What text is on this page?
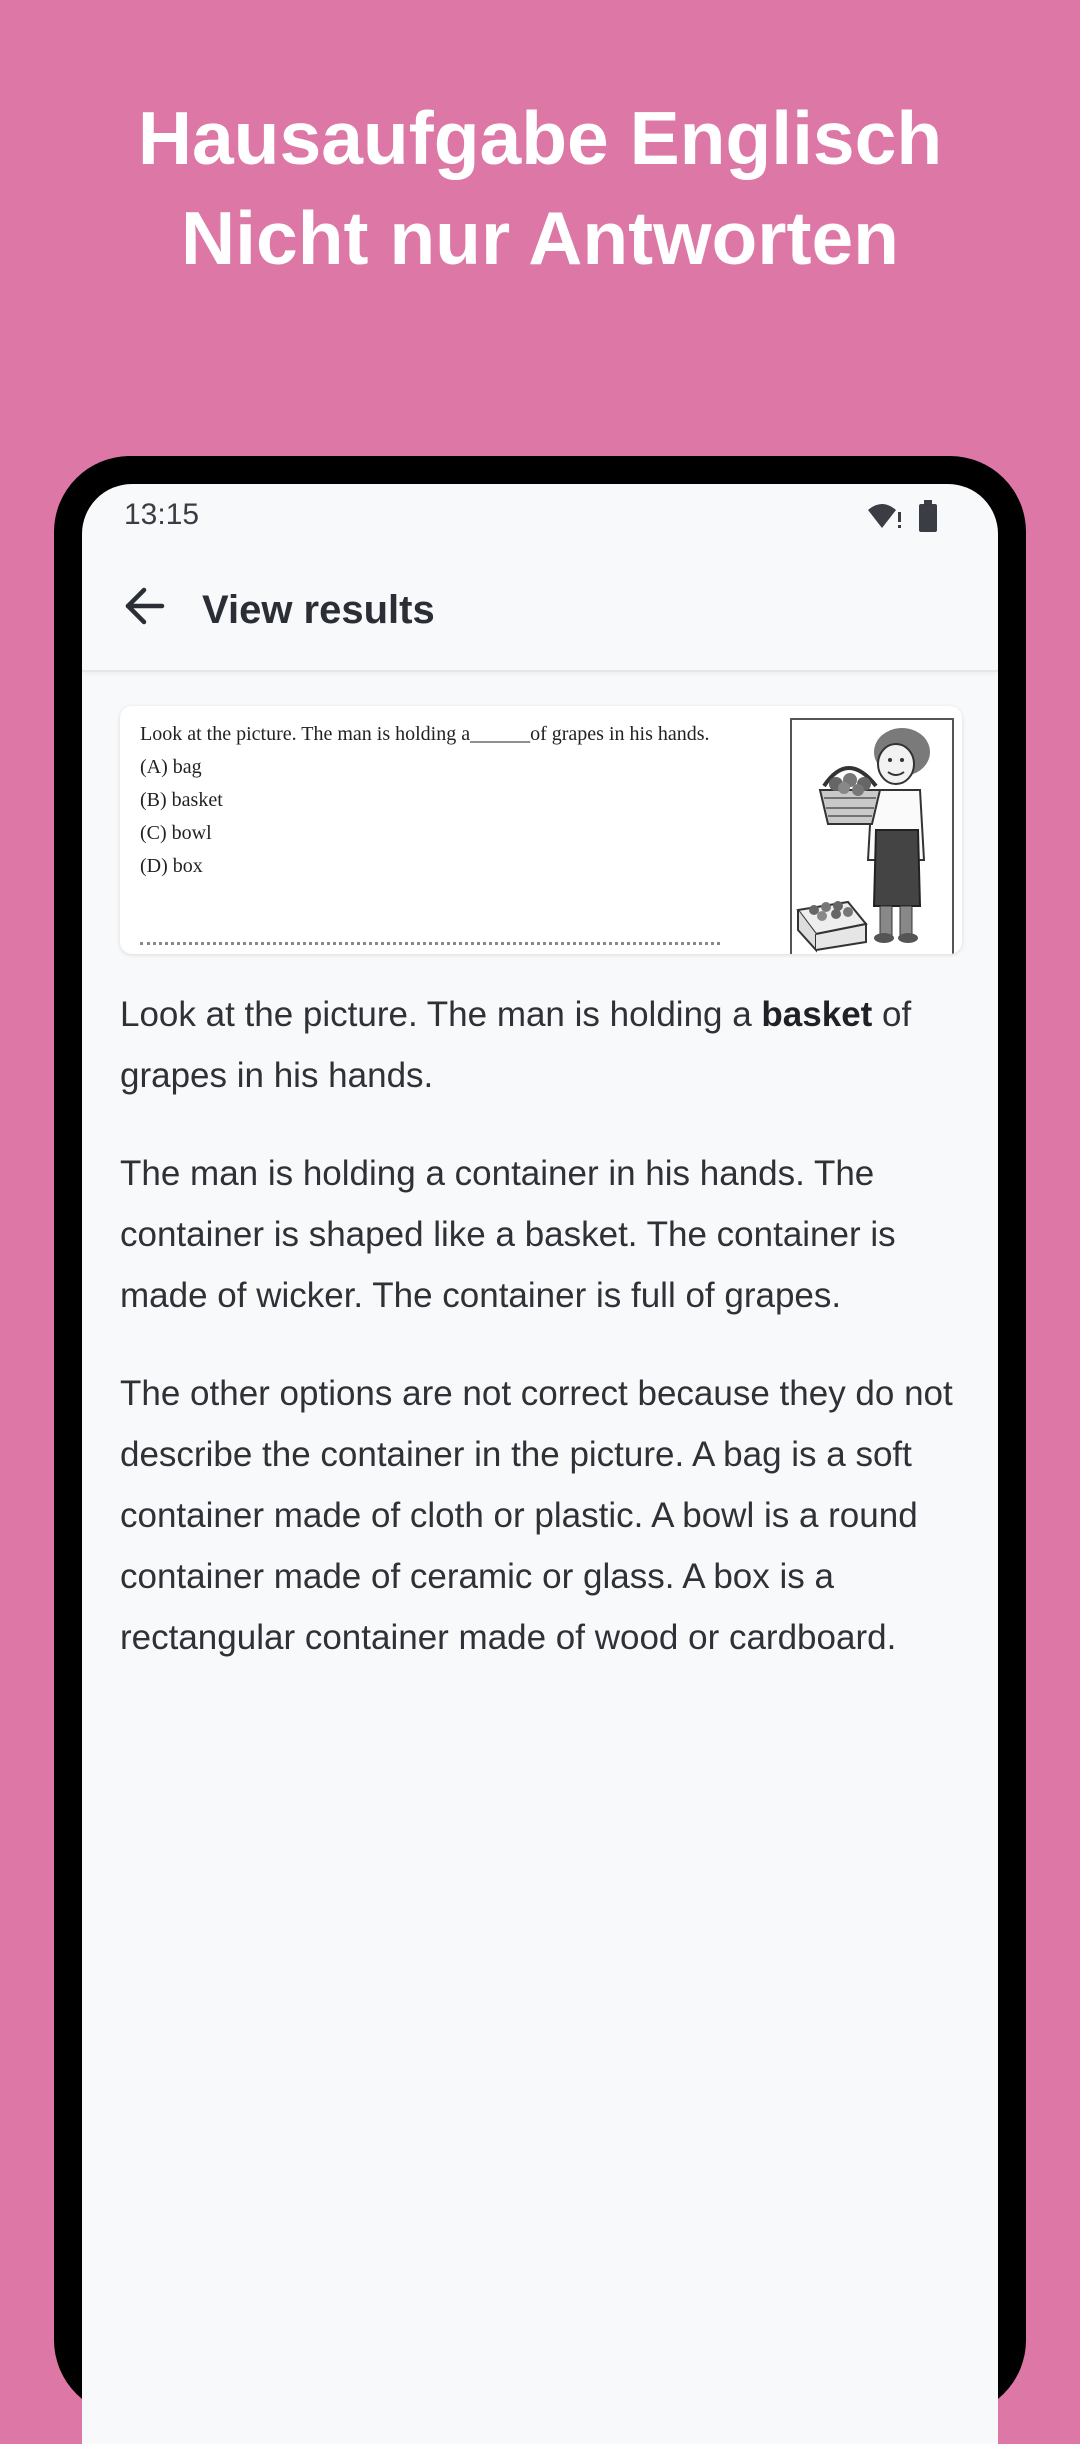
Hausaufgabe Englisch
Nicht nur Antworten
13:15
View results
Look at the picture. The man is holding a______of grapes in his hands.
(A) bag
(B) basket
(C) bowl
(D) box

Look at the picture. The man is holding a basket of grapes in his hands.

The man is holding a container in his hands. The container is shaped like a basket. The container is made of wicker. The container is full of grapes.

The other options are not correct because they do not describe the container in the picture. A bag is a soft container made of cloth or plastic. A bowl is a round container made of ceramic or glass. A box is a rectangular container made of wood or cardboard.
